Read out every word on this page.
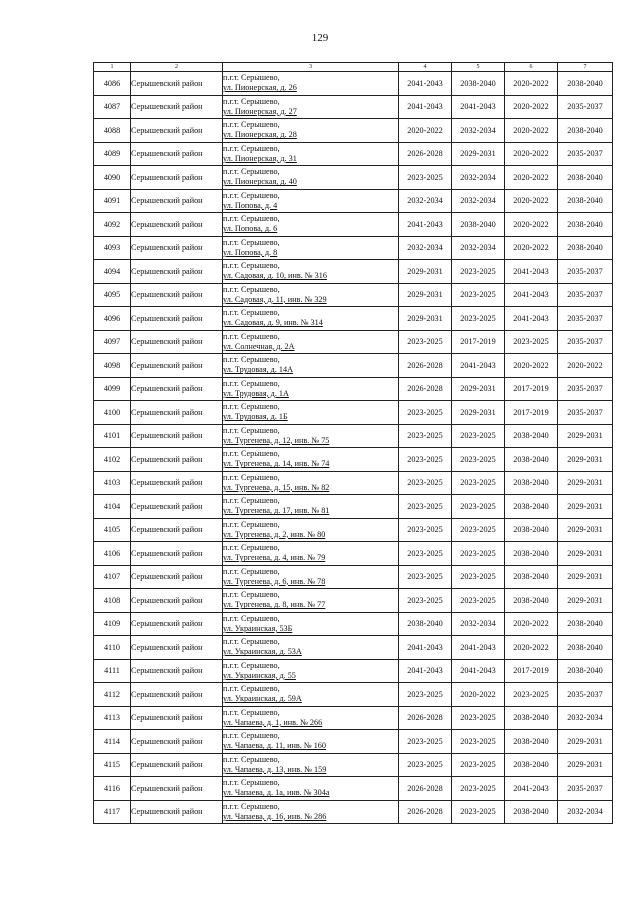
129
1	2	3	4	5	6	7
4086	Серышевский район	п.г.т. Серышево,
ул. Пионерская, д. 26	2041-2043	2038-2040	2020-2022	2038-2040
4087	Серышевский район	п.г.т. Серышево,
ул. Пионерская, д. 27	2041-2043	2041-2043	2020-2022	2035-2037
4088	Серышевский район	п.г.т. Серышево,
ул. Пионерская, д. 28	2020-2022	2032-2034	2020-2022	2038-2040
4089	Серышевский район	п.г.т. Серышево,
ул. Пионерская, д. 31	2026-2028	2029-2031	2020-2022	2035-2037
4090	Серышевский район	п.г.т. Серышево,
ул. Пионерская, д. 40	2023-2025	2032-2034	2020-2022	2038-2040
4091	Серышевский район	п.г.т. Серышево,
ул. Попова, д. 4	2032-2034	2032-2034	2020-2022	2038-2040
4092	Серышевский район	п.г.т. Серышево,
ул. Попова, д. 6	2041-2043	2038-2040	2020-2022	2038-2040
4093	Серышевский район	п.г.т. Серышево,
ул. Попова, д. 8	2032-2034	2032-2034	2020-2022	2038-2040
4094	Серышевский район	п.г.т. Серышево,
ул. Садовая, д. 10, инв. № 316	2029-2031	2023-2025	2041-2043	2035-2037
4095	Серышевский район	п.г.т. Серышево,
ул. Садовая, д. 11, инв. № 329	2029-2031	2023-2025	2041-2043	2035-2037
4096	Серышевский район	п.г.т. Серышево,
ул. Садовая, д. 9, инв. № 314	2029-2031	2023-2025	2041-2043	2035-2037
4097	Серышевский район	п.г.т. Серышево,
ул. Солнечная, д. 2А	2023-2025	2017-2019	2023-2025	2035-2037
4098	Серышевский район	п.г.т. Серышево,
ул. Трудовая, д. 14А	2026-2028	2041-2043	2020-2022	2020-2022
4099	Серышевский район	п.г.т. Серышево,
ул. Трудовая, д. 1А	2026-2028	2029-2031	2017-2019	2035-2037
4100	Серышевский район	п.г.т. Серышево,
ул. Трудовая, д. 1Б	2023-2025	2029-2031	2017-2019	2035-2037
4101	Серышевский район	п.г.т. Серышево,
ул. Тургенева, д. 12, инв. № 75	2023-2025	2023-2025	2038-2040	2029-2031
4102	Серышевский район	п.г.т. Серышево,
ул. Тургенева, д. 14, инв. № 74	2023-2025	2023-2025	2038-2040	2029-2031
4103	Серышевский район	п.г.т. Серышево,
ул. Тургенева, д. 15, инв. № 82	2023-2025	2023-2025	2038-2040	2029-2031
4104	Серышевский район	п.г.т. Серышево,
ул. Тургенева, д. 17, инв. № 81	2023-2025	2023-2025	2038-2040	2029-2031
4105	Серышевский район	п.г.т. Серышево,
ул. Тургенева, д. 2, инв. № 80	2023-2025	2023-2025	2038-2040	2029-2031
4106	Серышевский район	п.г.т. Серышево,
ул. Тургенева, д. 4, инв. № 79	2023-2025	2023-2025	2038-2040	2029-2031
4107	Серышевский район	п.г.т. Серышево,
ул. Тургенева, д. 6, инв. № 78	2023-2025	2023-2025	2038-2040	2029-2031
4108	Серышевский район	п.г.т. Серышево,
ул. Тургенева, д. 8, инв. № 77	2023-2025	2023-2025	2038-2040	2029-2031
4109	Серышевский район	п.г.т. Серышево,
ул. Украинская, 53Б	2038-2040	2032-2034	2020-2022	2038-2040
4110	Серышевский район	п.г.т. Серышево,
ул. Украинская, д. 53А	2041-2043	2041-2043	2020-2022	2038-2040
4111	Серышевский район	п.г.т. Серышево,
ул. Украинская, д. 55	2041-2043	2041-2043	2017-2019	2038-2040
4112	Серышевский район	п.г.т. Серышево,
ул. Украинская, д. 59А	2023-2025	2020-2022	2023-2025	2035-2037
4113	Серышевский район	п.г.т. Серышево,
ул. Чапаева, д. 1, инв. № 266	2026-2028	2023-2025	2038-2040	2032-2034
4114	Серышевский район	п.г.т. Серышево,
ул. Чапаева, д. 11, инв. № 160	2023-2025	2023-2025	2038-2040	2029-2031
4115	Серышевский район	п.г.т. Серышево,
ул. Чапаева, д. 13, инв. № 159	2023-2025	2023-2025	2038-2040	2029-2031
4116	Серышевский район	п.г.т. Серышево,
ул. Чапаева, д. 1а, инв. № 304а	2026-2028	2023-2025	2041-2043	2035-2037
4117	Серышевский район	п.г.т. Серышево,
ул. Чапаева, д. 16, инв. № 286	2026-2028	2023-2025	2038-2040	2032-2034
